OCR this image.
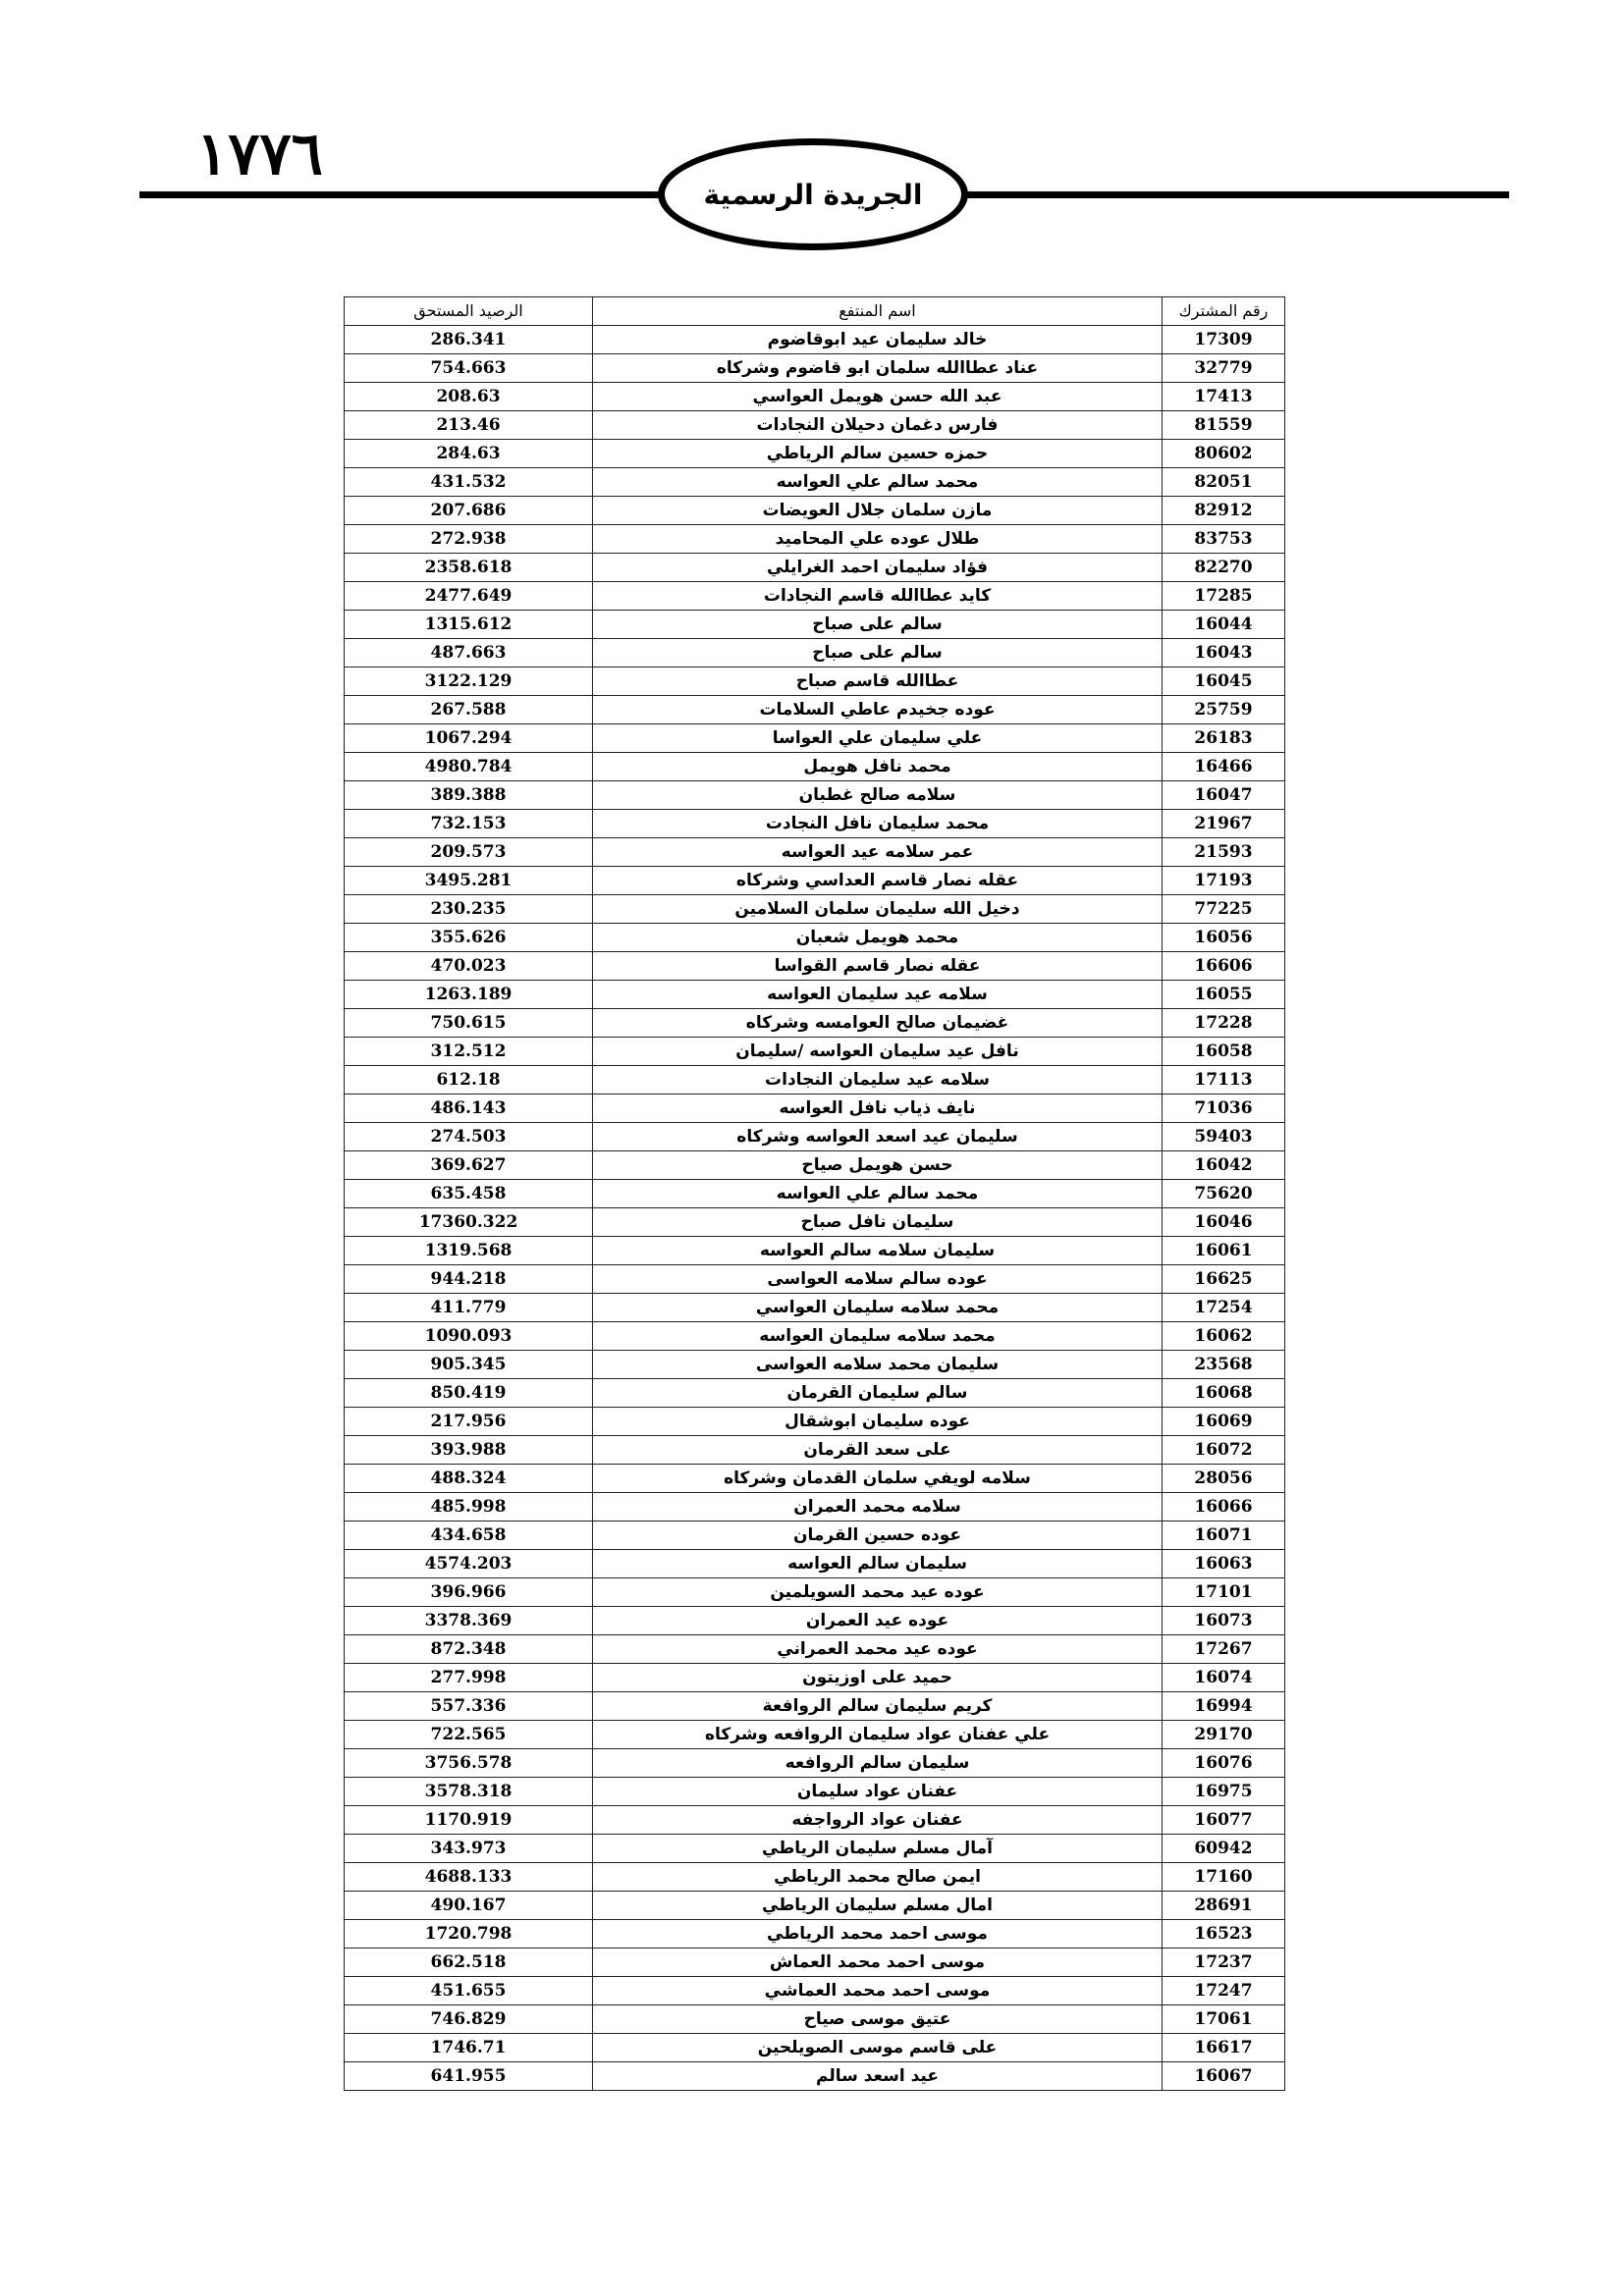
١٧٧٦
الجريدة الرسمية
رقم المشترك	اسم المنتفع	الرصيد المستحق
17309	خالد سليمان عيد ابوقاضوم	286.341
32779	عناد عطاالله سلمان ابو قاضوم وشركاه	754.663
17413	عبد الله حسن هويمل العواسي	208.63
81559	فارس دغمان دحيلان النجادات	213.46
80602	حمزه حسين سالم الرياطي	284.63
82051	محمد سالم علي العواسه	431.532
82912	مازن سلمان جلال العويضات	207.686
83753	طلال عوده علي المحاميد	272.938
82270	فؤاد سليمان احمد الغرايلي	2358.618
17285	كايد عطاالله قاسم النجادات	2477.649
16044	سالم على صباح	1315.612
16043	سالم على صباح	487.663
16045	عطاالله قاسم صباح	3122.129
25759	عوده جخيدم عاطي السلامات	267.588
26183	علي سليمان علي العواسا	1067.294
16466	محمد نافل هويمل	4980.784
16047	سلامه صالح غطبان	389.388
21967	محمد سليمان نافل النجادت	732.153
21593	عمر سلامه عيد العواسه	209.573
17193	عقله نصار قاسم العداسي وشركاه	3495.281
77225	دخيل الله سليمان سلمان السلامين	230.235
16056	محمد هويمل شعبان	355.626
16606	عقله نصار قاسم القواسا	470.023
16055	سلامه عيد سليمان العواسه	1263.189
17228	غضيمان صالح العوامسه وشركاه	750.615
16058	نافل عيد سليمان العواسه /سليمان	312.512
17113	سلامه عيد سليمان النجادات	612.18
71036	نايف ذياب نافل العواسه	486.143
59403	سليمان عيد اسعد العواسه وشركاه	274.503
16042	حسن هويمل صياح	369.627
75620	محمد سالم علي العواسه	635.458
16046	سليمان نافل صباح	17360.322
16061	سليمان سلامه سالم العواسه	1319.568
16625	عوده سالم سلامه العواسى	944.218
17254	محمد سلامه سليمان العواسي	411.779
16062	محمد سلامه سليمان العواسه	1090.093
23568	سليمان محمد سلامه العواسى	905.345
16068	سالم سليمان القرمان	850.419
16069	عوده سليمان ابوشقال	217.956
16072	على سعد القرمان	393.988
28056	سلامه لويفي سلمان القدمان وشركاه	488.324
16066	سلامه محمد العمران	485.998
16071	عوده حسين القرمان	434.658
16063	سليمان سالم العواسه	4574.203
17101	عوده عيد محمد السويلمين	396.966
16073	عوده عيد العمران	3378.369
17267	عوده عيد محمد العمراني	872.348
16074	حميد على اوزيتون	277.998
16994	كريم سليمان سالم الروافعة	557.336
29170	علي عفنان عواد سليمان الروافعه وشركاه	722.565
16076	سليمان سالم الروافعه	3756.578
16975	عفنان عواد سليمان	3578.318
16077	عفنان عواد الرواجفه	1170.919
60942	آمال مسلم سليمان الرياطي	343.973
17160	ايمن صالح محمد الرياطي	4688.133
28691	امال مسلم سليمان الرياطي	490.167
16523	موسى احمد محمد الرياطي	1720.798
17237	موسى احمد محمد العماش	662.518
17247	موسى احمد محمد العماشي	451.655
17061	عتيق موسى صياح	746.829
16617	على قاسم موسى الصويلحين	1746.71
16067	عيد اسعد سالم	641.955
